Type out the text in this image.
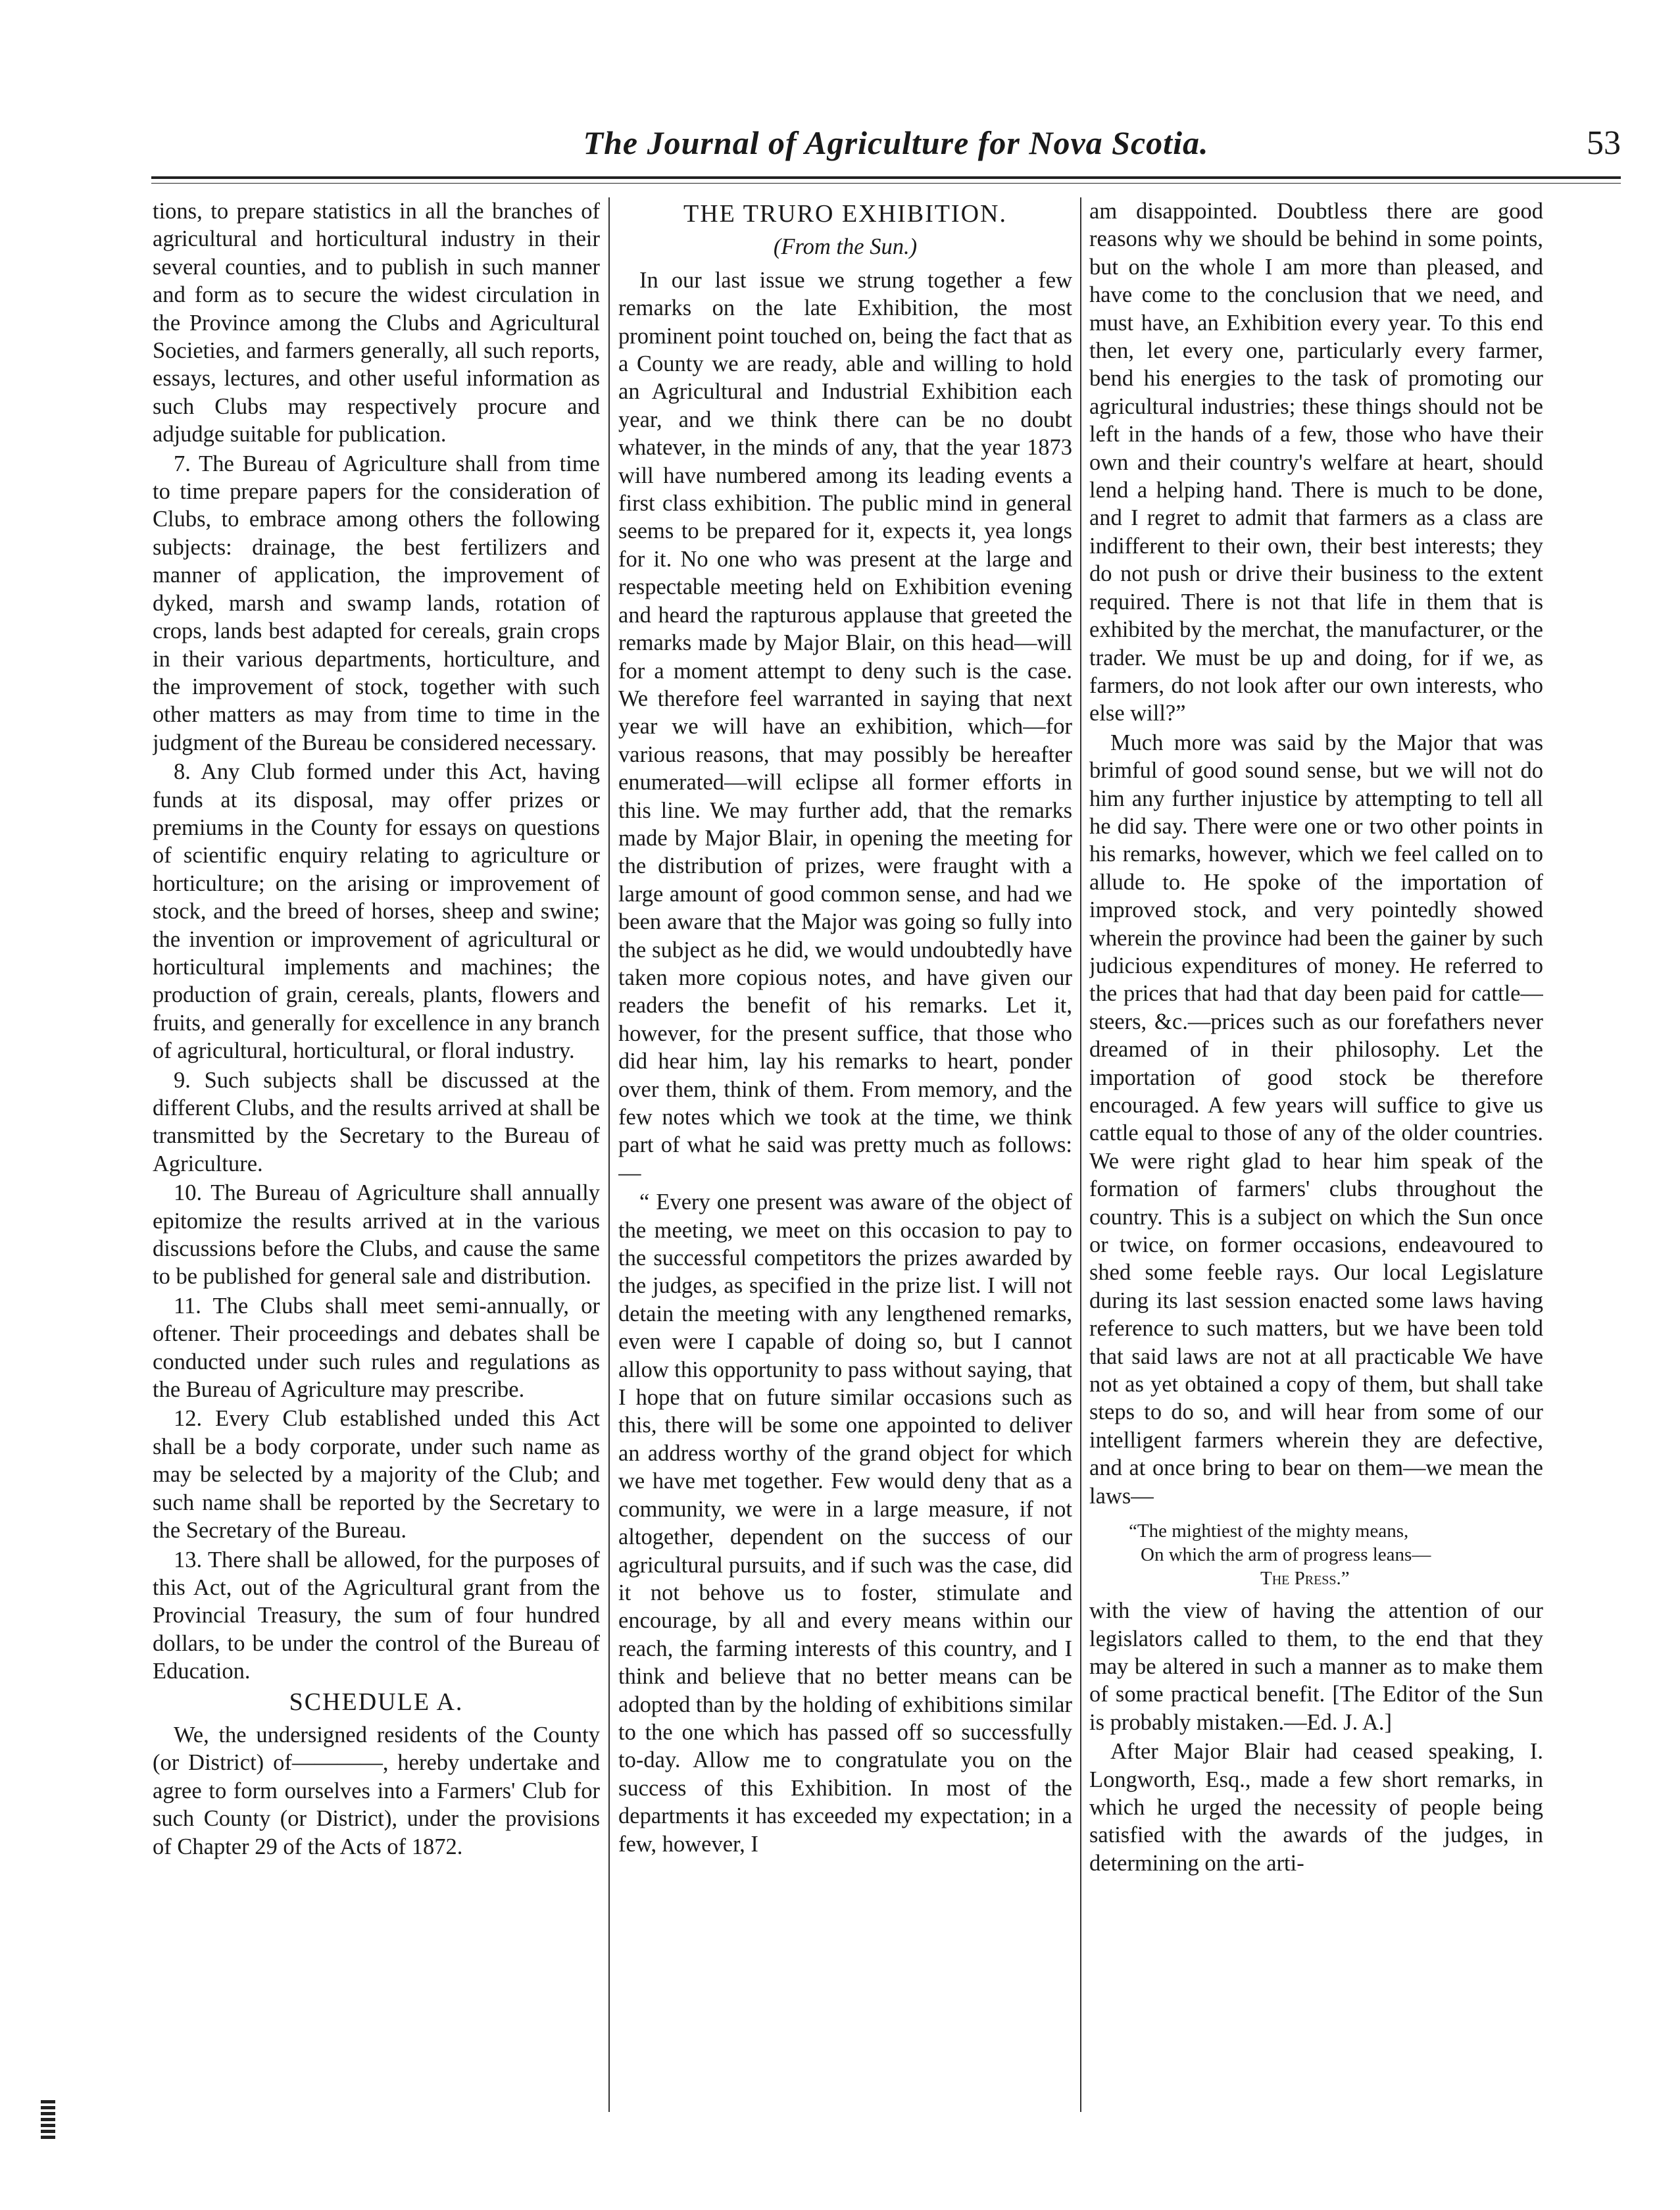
The Journal of Agriculture for Nova Scotia.	53

tions, to prepare statistics in all the branches of agricultural and horticultural industry in their several counties, and to publish in such manner and form as to secure the widest circulation in the Province among the Clubs and Agricultural Societies, and farmers generally, all such reports, essays, lectures, and other useful information as such Clubs may respectively procure and adjudge suitable for publication.

7. The Bureau of Agriculture shall from time to time prepare papers for the consideration of Clubs, to embrace among others the following subjects: drainage, the best fertilizers and manner of application, the improvement of dyked, marsh and swamp lands, rotation of crops, lands best adapted for cereals, grain crops in their various departments, horticulture, and the improvement of stock, together with such other matters as may from time to time in the judgment of the Bureau be considered necessary.

8. Any Club formed under this Act, having funds at its disposal, may offer prizes or premiums in the County for essays on questions of scientific enquiry relating to agriculture or horticulture; on the arising or improvement of stock, and the breed of horses, sheep and swine; the invention or improvement of agricultural or horticultural implements and machines; the production of grain, cereals, plants, flowers and fruits, and generally for excellence in any branch of agricultural, horticultural, or floral industry.

9. Such subjects shall be discussed at the different Clubs, and the results arrived at shall be transmitted by the Secretary to the Bureau of Agriculture.

10. The Bureau of Agriculture shall annually epitomize the results arrived at in the various discussions before the Clubs, and cause the same to be published for general sale and distribution.

11. The Clubs shall meet semi-annually, or oftener. Their proceedings and debates shall be conducted under such rules and regulations as the Bureau of Agriculture may prescribe.

12. Every Club established unded this Act shall be a body corporate, under such name as may be selected by a majority of the Club; and such name shall be reported by the Secretary to the Secretary of the Bureau.

13. There shall be allowed, for the purposes of this Act, out of the Agricultural grant from the Provincial Treasury, the sum of four hundred dollars, to be under the control of the Bureau of Education.

SCHEDULE A.

We, the undersigned residents of the County (or District) of————, hereby undertake and agree to form ourselves into a Farmers' Club for such County (or District), under the provisions of Chapter 29 of the Acts of 1872.

THE TRURO EXHIBITION.
(From the Sun.)

In our last issue we strung together a few remarks on the late Exhibition, the most prominent point touched on, being the fact that as a County we are ready, able and willing to hold an Agricultural and Industrial Exhibition each year, and we think there can be no doubt whatever, in the minds of any, that the year 1873 will have numbered among its leading events a first class exhibition. The public mind in general seems to be prepared for it, expects it, yea longs for it. No one who was present at the large and respectable meeting held on Exhibition evening and heard the rapturous applause that greeted the remarks made by Major Blair, on this head—will for a moment attempt to deny such is the case. We therefore feel warranted in saying that next year we will have an exhibition, which—for various reasons, that may possibly be hereafter enumerated—will eclipse all former efforts in this line. We may further add, that the remarks made by Major Blair, in opening the meeting for the distribution of prizes, were fraught with a large amount of good common sense, and had we been aware that the Major was going so fully into the subject as he did, we would undoubtedly have taken more copious notes, and have given our readers the benefit of his remarks. Let it, however, for the present suffice, that those who did hear him, lay his remarks to heart, ponder over them, think of them. From memory, and the few notes which we took at the time, we think part of what he said was pretty much as follows:—

“ Every one present was aware of the object of the meeting, we meet on this occasion to pay to the successful competitors the prizes awarded by the judges, as specified in the prize list. I will not detain the meeting with any lengthened remarks, even were I capable of doing so, but I cannot allow this opportunity to pass without saying, that I hope that on future similar occasions such as this, there will be some one appointed to deliver an address worthy of the grand object for which we have met together. Few would deny that as a community, we were in a large measure, if not altogether, dependent on the success of our agricultural pursuits, and if such was the case, did it not behove us to foster, stimulate and encourage, by all and every means within our reach, the farming interests of this country, and I think and believe that no better means can be adopted than by the holding of exhibitions similar to the one which has passed off so successfully to-day. Allow me to congratulate you on the success of this Exhibition. In most of the departments it has exceeded my expectation; in a few, however, I

am disappointed. Doubtless there are good reasons why we should be behind in some points, but on the whole I am more than pleased, and have come to the conclusion that we need, and must have, an Exhibition every year. To this end then, let every one, particularly every farmer, bend his energies to the task of promoting our agricultural industries; these things should not be left in the hands of a few, those who have their own and their country's welfare at heart, should lend a helping hand. There is much to be done, and I regret to admit that farmers as a class are indifferent to their own, their best interests; they do not push or drive their business to the extent required. There is not that life in them that is exhibited by the merchat, the manufacturer, or the trader. We must be up and doing, for if we, as farmers, do not look after our own interests, who else will?”

Much more was said by the Major that was brimful of good sound sense, but we will not do him any further injustice by attempting to tell all he did say. There were one or two other points in his remarks, however, which we feel called on to allude to. He spoke of the importation of improved stock, and very pointedly showed wherein the province had been the gainer by such judicious expenditures of money. He referred to the prices that had that day been paid for cattle—steers, &c.—prices such as our forefathers never dreamed of in their philosophy. Let the importation of good stock be therefore encouraged. A few years will suffice to give us cattle equal to those of any of the older countries. We were right glad to hear him speak of the formation of farmers' clubs throughout the country. This is a subject on which the Sun once or twice, on former occasions, endeavoured to shed some feeble rays. Our local Legislature during its last session enacted some laws having reference to such matters, but we have been told that said laws are not at all practicable We have not as yet obtained a copy of them, but shall take steps to do so, and will hear from some of our intelligent farmers wherein they are defective, and at once bring to bear on them—we mean the laws—

“The mightiest of the mighty means,
On which the arm of progress leans—
The Press.”

with the view of having the attention of our legislators called to them, to the end that they may be altered in such a manner as to make them of some practical benefit. [The Editor of the Sun is probably mistaken.—Ed. J. A.]

After Major Blair had ceased speaking, I. Longworth, Esq., made a few short remarks, in which he urged the necessity of people being satisfied with the awards of the judges, in determining on the arti-
